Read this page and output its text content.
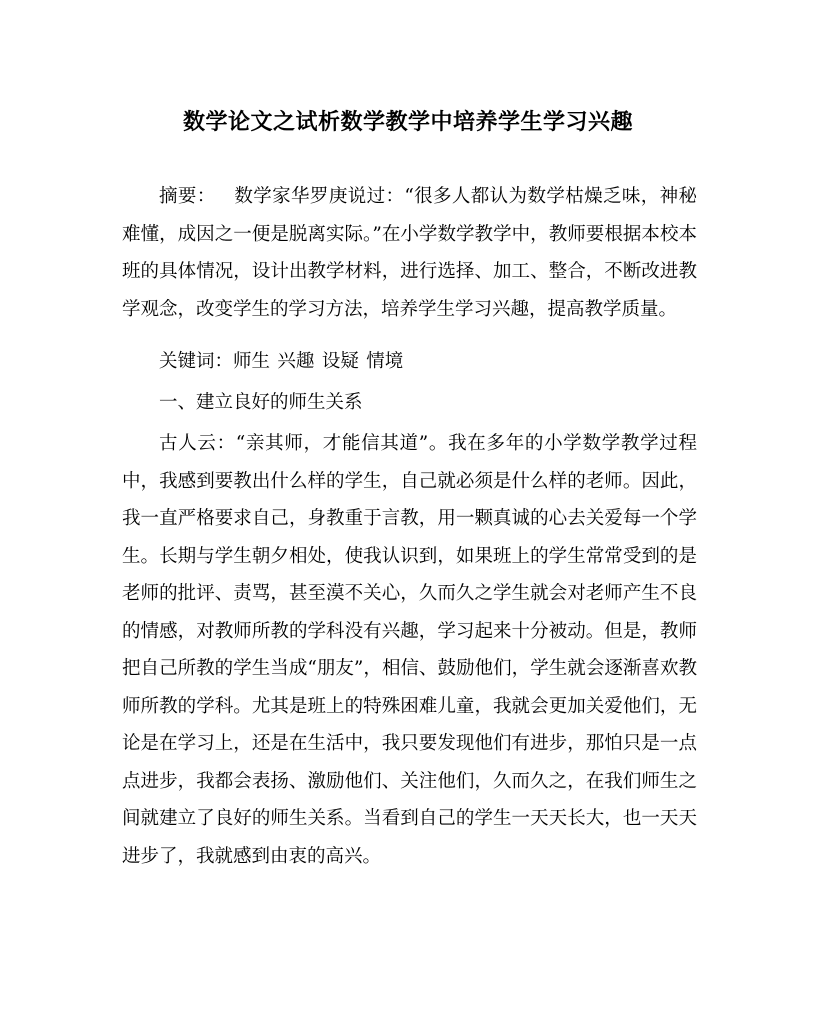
数学论文之试析数学教学中培养学生学习兴趣

摘要： 数学家华罗庚说过：“很多人都认为数学枯燥乏味，神秘难懂，成因之一便是脱离实际。”在小学数学教学中，教师要根据本校本班的具体情况，设计出教学材料，进行选择、加工、整合，不断改进教学观念，改变学生的学习方法，培养学生学习兴趣，提高教学质量。

关键词：师生 兴趣 设疑 情境

一、建立良好的师生关系

古人云：“亲其师，才能信其道”。我在多年的小学数学教学过程中，我感到要教出什么样的学生，自己就必须是什么样的老师。因此，我一直严格要求自己，身教重于言教，用一颗真诚的心去关爱每一个学生。长期与学生朝夕相处，使我认识到，如果班上的学生常常受到的是老师的批评、责骂，甚至漠不关心，久而久之学生就会对老师产生不良的情感，对教师所教的学科没有兴趣，学习起来十分被动。但是，教师把自己所教的学生当成“朋友”，相信、鼓励他们，学生就会逐渐喜欢教师所教的学科。尤其是班上的特殊困难儿童，我就会更加关爱他们，无论是在学习上，还是在生活中，我只要发现他们有进步，那怕只是一点点进步，我都会表扬、激励他们、关注他们，久而久之，在我们师生之间就建立了良好的师生关系。当看到自己的学生一天天长大，也一天天进步了，我就感到由衷的高兴。
